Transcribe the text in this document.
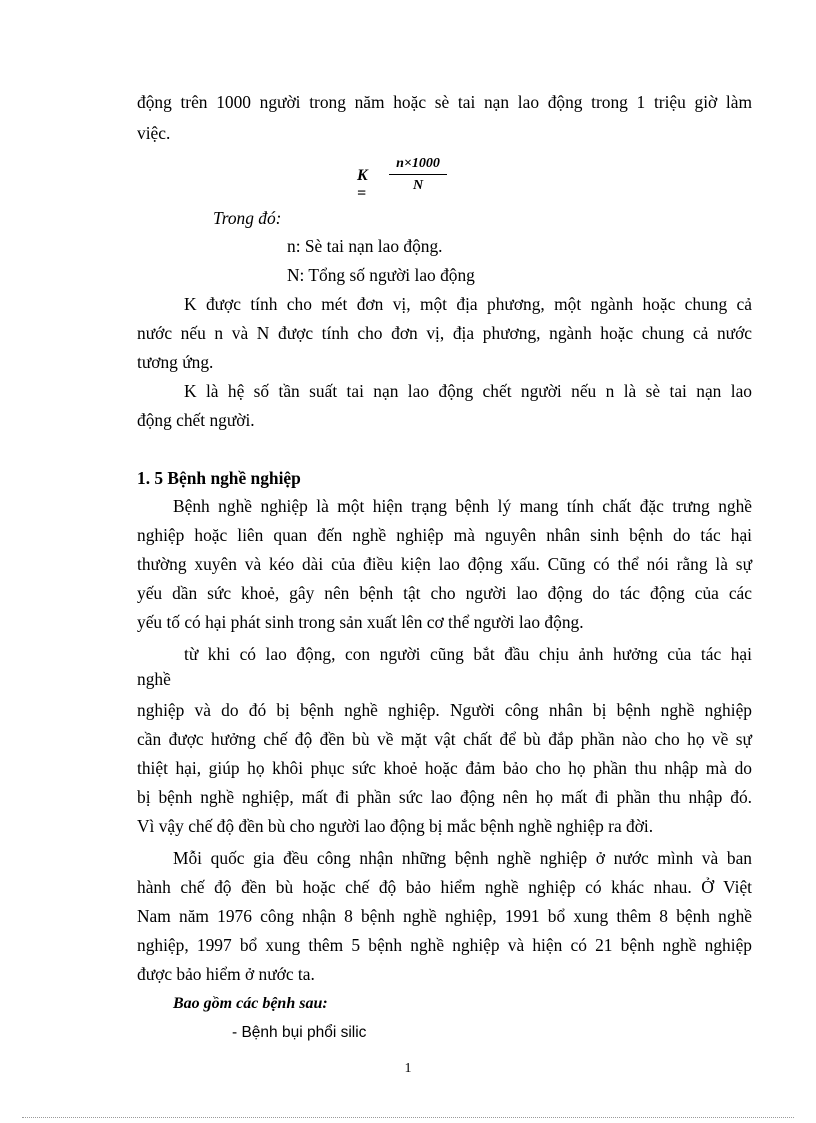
động trên 1000 người trong năm hoặc sè tai nạn lao động trong 1 triệu giờ làm
việc.
K =
n×1000
N
Trong đó:
n: Sè tai nạn lao động.
N: Tổng số người lao động
K được tính cho mét đơn vị, một địa phương, một ngành hoặc chung cả
nước nếu n và N được tính cho đơn vị, địa phương, ngành hoặc chung cả nước
tương ứng.
K là hệ số tần suất tai nạn lao động chết người nếu n là sè tai nạn lao
động chết người.
1. 5 Bệnh nghề nghiệp
Bệnh nghề nghiệp là một hiện trạng bệnh lý mang tính chất đặc trưng nghề
nghiệp hoặc liên quan đến nghề nghiệp mà nguyên nhân sinh bệnh do tác hại
thường xuyên và kéo dài của điều kiện lao động xấu. Cũng có thể nói rằng là sự
yếu dần sức khoẻ, gây nên bệnh tật cho người lao động do tác động của các
yếu tố có hại phát sinh trong sản xuất lên cơ thể người lao động.
từ khi có lao động, con người cũng bắt đầu chịu ảnh hưởng của tác hại
nghề
nghiệp và do đó bị bệnh nghề nghiệp. Người công nhân bị bệnh nghề nghiệp
cần được hưởng chế độ đền bù về mặt vật chất để bù đắp phần nào cho họ về sự
thiệt hại, giúp họ khôi phục sức khoẻ hoặc đảm bảo cho họ phần thu nhập mà do
bị bệnh nghề nghiệp, mất đi phần sức lao động nên họ mất đi phần thu nhập đó.
Vì vậy chế độ đền bù cho người lao động bị mắc bệnh nghề nghiệp ra đời.
Mỗi quốc gia đều công nhận những bệnh nghề nghiệp ở nước mình và ban
hành chế độ đền bù hoặc chế độ bảo hiểm nghề nghiệp có khác nhau. Ở Việt
Nam năm 1976 công nhận 8 bệnh nghề nghiệp, 1991 bổ xung thêm 8 bệnh nghề
nghiệp, 1997 bổ xung thêm 5 bệnh nghề nghiệp và hiện có 21 bệnh nghề nghiệp
được bảo hiểm ở nước ta.
Bao gồm các bệnh sau:
- Bệnh bụi phổi silic
1
